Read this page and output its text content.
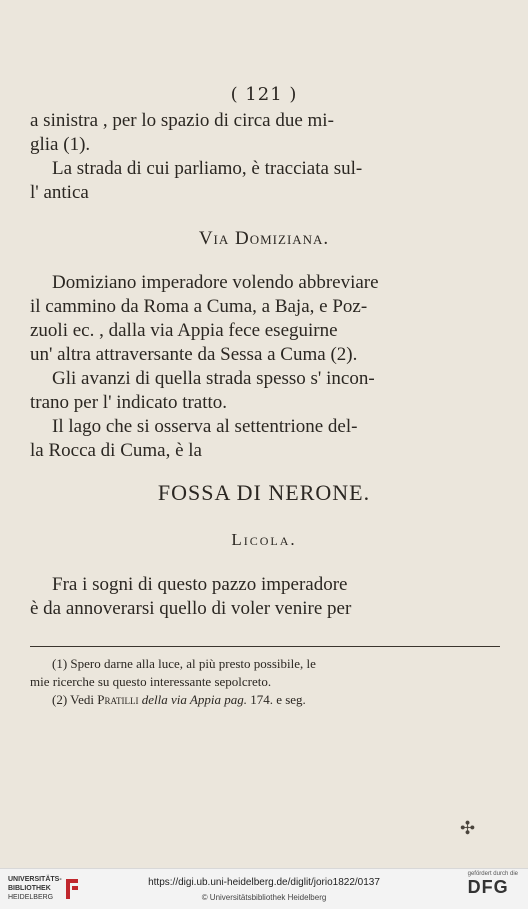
( 121 )
a sinistra , per lo spazio di circa due mi-
glia (1).
La strada di cui parliamo, è tracciata sul-
l' antica
Via Domiziana.
Domiziano imperadore volendo abbreviare
il cammino da Roma a Cuma, a Baja, e Poz-
zuoli ec. , dalla via Appia fece eseguirne
un' altra attraversante da Sessa a Cuma (2).
Gli avanzi di quella strada spesso s' incon-
trano per l' indicato tratto.
Il lago che si osserva al settentrione del-
la Rocca di Cuma, è la
FOSSA DI NERONE.
Licola.
Fra i sogni di questo pazzo imperadore
è da annoverarsi quello di voler venire per
(1) Spero darne alla luce, al più presto possibile, le
mie ricerche su questo interessante sepolcreto.
(2) Vedi Pratilli della via Appia pag. 174. e seg.
✣
UNIVERSITÄTS-
BIBLIOTHEK
HEIDELBERG
https://digi.ub.uni-heidelberg.de/diglit/jorio1822/0137
© Universitätsbibliothek Heidelberg
gefördert durch die
DFG
